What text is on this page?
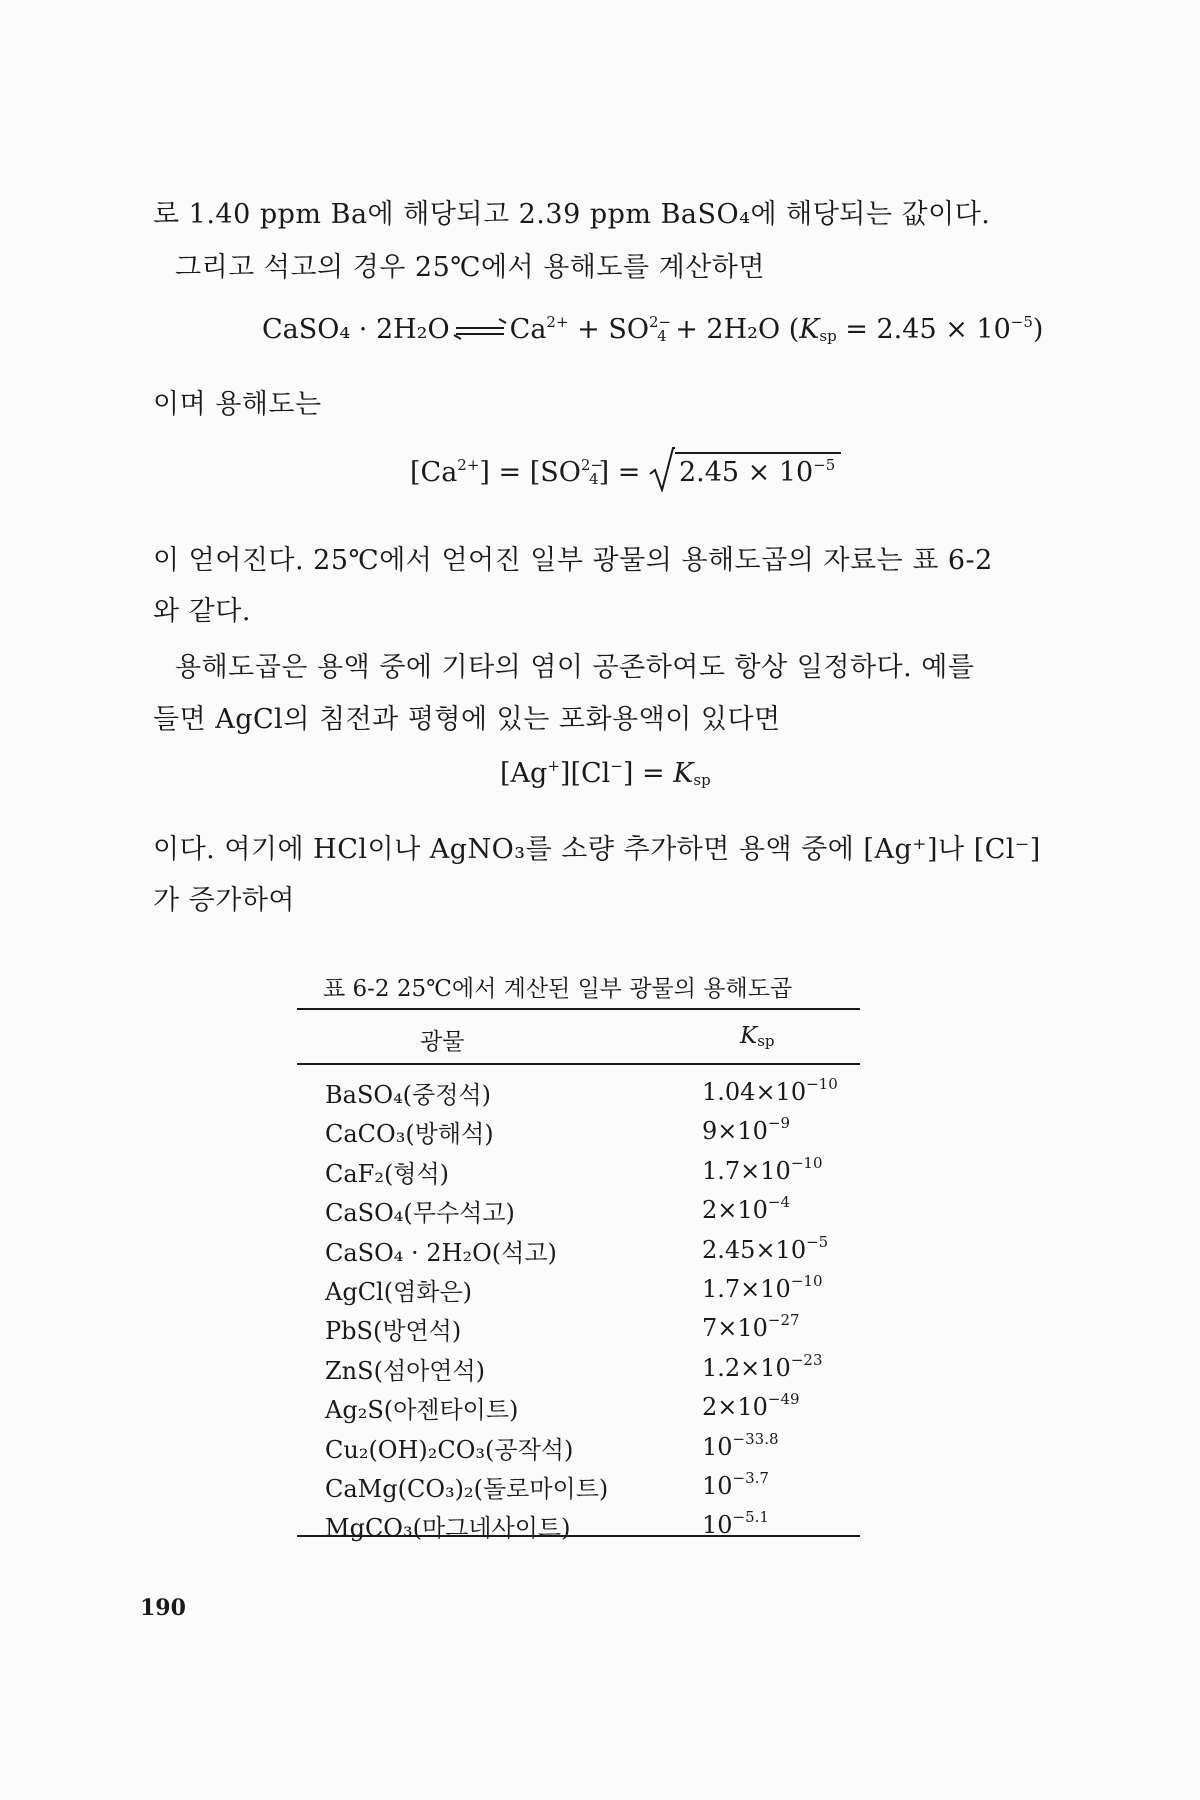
로 1.40 ppm Ba에 해당되고 2.39 ppm BaSO₄에 해당되는 값이다.
그리고 석고의 경우 25℃에서 용해도를 계산하면
CaSO₄ · 2H₂O ⇌ $Ca^{2+} + SO^{2-}_4 + 2H_2O$ $(K_{sp} = 2.45 \times 10^{-5})$
이며 용해도는
$[Ca^{2+}] = [SO^{2-}_4] = 2.45 \times 10^{-5}$
이 얻어진다. 25℃에서 얻어진 일부 광물의 용해도곱의 자료는 표 6-2
와 같다.
용해도곱은 용액 중에 기타의 염이 공존하여도 항상 일정하다. 예를
들면 AgCl의 침전과 평형에 있는 포화용액이 있다면
$[Ag^+][Cl^-] = K_{sp}$
이다. 여기에 HCl이나 AgNO₃를 소량 추가하면 용액 중에 [Ag⁺]나 [Cl⁻]
가 증가하여
표 6-2 25℃에서 계산된 일부 광물의 용해도곱
광물	$K_{sp}$
BaSO₄(중정석)	$1.04\times 10^{-10}$
CaCO₃(방해석)	$9\times 10^{-9}$
CaF₂(형석)	$1.7\times 10^{-10}$
CaSO₄(무수석고)	$2\times 10^{-4}$
CaSO₄ · 2H₂O(석고)	$2.45\times 10^{-5}$
AgCl(염화은)	$1.7\times 10^{-10}$
PbS(방연석)	$7\times 10^{-27}$
ZnS(섬아연석)	$1.2\times 10^{-23}$
Ag₂S(아젠타이트)	$2\times 10^{-49}$
Cu₂(OH)₂CO₃(공작석)	$10^{-33.8}$
CaMg(CO₃)₂(돌로마이트)	$10^{-3.7}$
MgCO₃(마그네사이트)	$10^{-5.1}$
190
